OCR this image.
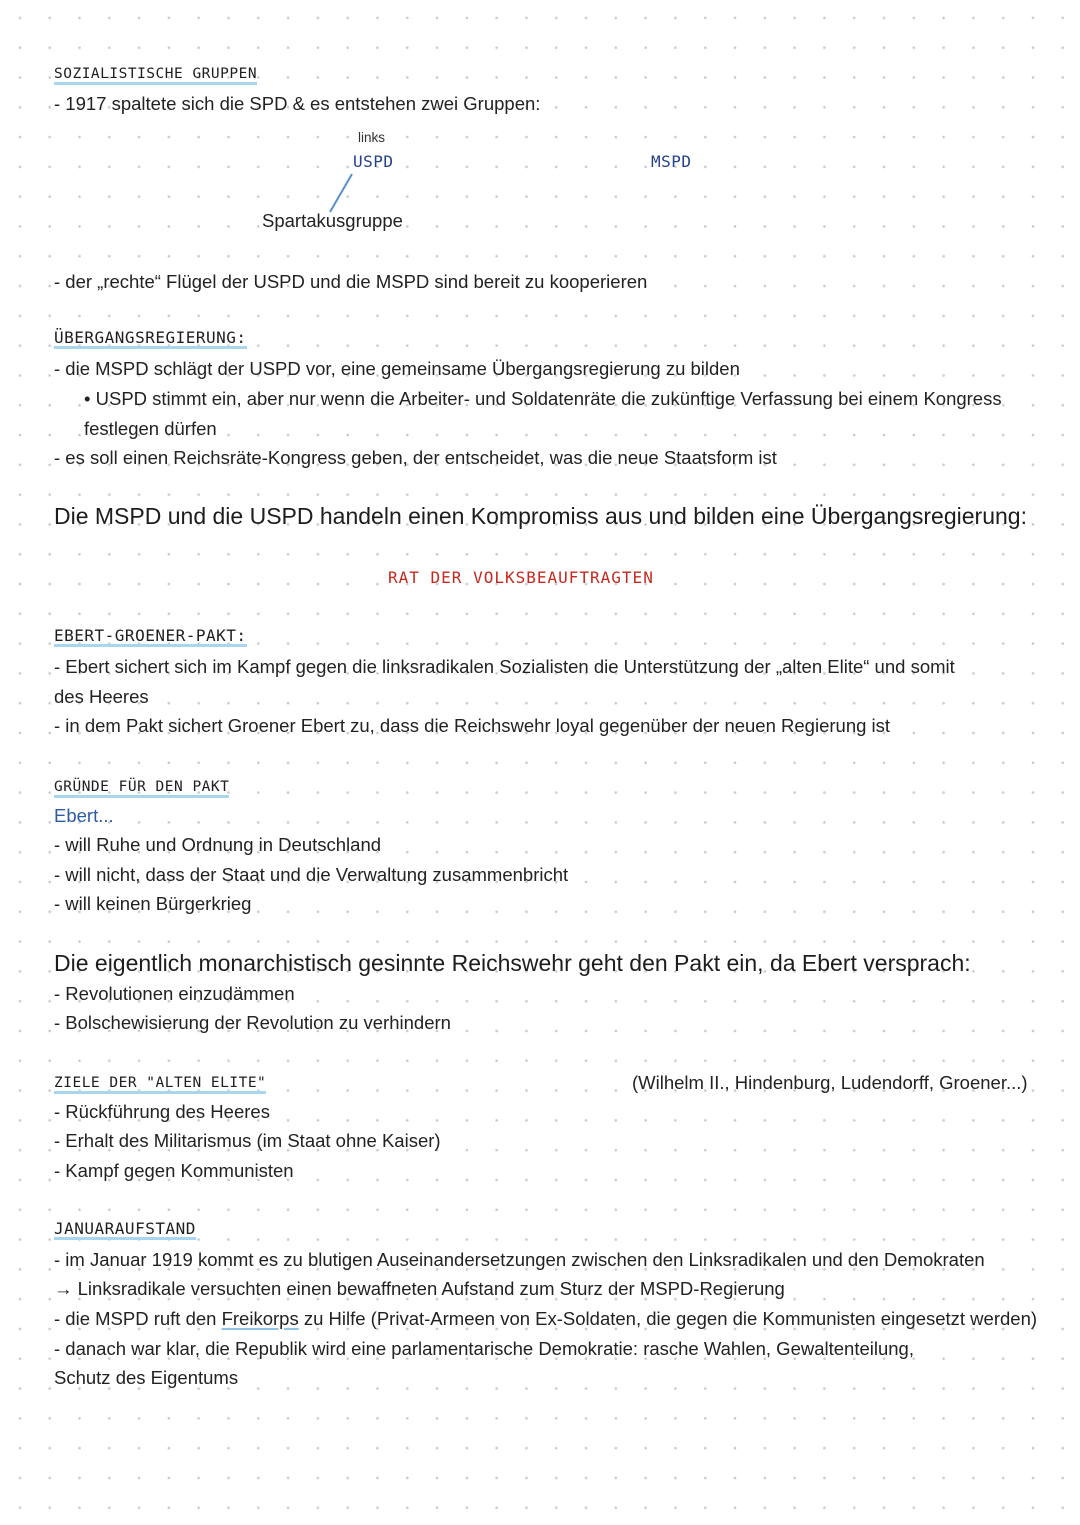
SOZIALISTISCHE GRUPPEN
- 1917 spaltete sich die SPD & es entstehen zwei Gruppen:
links
USPD	MSPD
Spartakusgruppe
- der „rechte“ Flügel der USPD und die MSPD sind bereit zu kooperieren
ÜBERGANGSREGIERUNG:
- die MSPD schlägt der USPD vor, eine gemeinsame Übergangsregierung zu bilden
• USPD stimmt ein, aber nur wenn die Arbeiter- und Soldatenräte die zukünftige Verfassung bei einem Kongress
festlegen dürfen
- es soll einen Reichsräte-Kongress geben, der entscheidet, was die neue Staatsform ist
Die MSPD und die USPD handeln einen Kompromiss aus und bilden eine Übergangsregierung:
RAT DER VOLKSBEAUFTRAGTEN
EBERT-GROENER-PAKT:
- Ebert sichert sich im Kampf gegen die linksradikalen Sozialisten die Unterstützung der „alten Elite“ und somit
des Heeres
- in dem Pakt sichert Groener Ebert zu, dass die Reichswehr loyal gegenüber der neuen Regierung ist
GRÜNDE FÜR DEN PAKT
Ebert...
- will Ruhe und Ordnung in Deutschland
- will nicht, dass der Staat und die Verwaltung zusammenbricht
- will keinen Bürgerkrieg
Die eigentlich monarchistisch gesinnte Reichswehr geht den Pakt ein, da Ebert versprach:
- Revolutionen einzudämmen
- Bolschewisierung der Revolution zu verhindern
ZIELE DER "ALTEN ELITE"	(Wilhelm II., Hindenburg, Ludendorff, Groener...)
- Rückführung des Heeres
- Erhalt des Militarismus (im Staat ohne Kaiser)
- Kampf gegen Kommunisten
JANUARAUFSTAND
- im Januar 1919 kommt es zu blutigen Auseinandersetzungen zwischen den Linksradikalen und den Demokraten
→ Linksradikale versuchten einen bewaffneten Aufstand zum Sturz der MSPD-Regierung
- die MSPD ruft den Freikorps zu Hilfe (Privat-Armeen von Ex-Soldaten, die gegen die Kommunisten eingesetzt werden)
- danach war klar, die Republik wird eine parlamentarische Demokratie: rasche Wahlen, Gewaltenteilung,
Schutz des Eigentums
